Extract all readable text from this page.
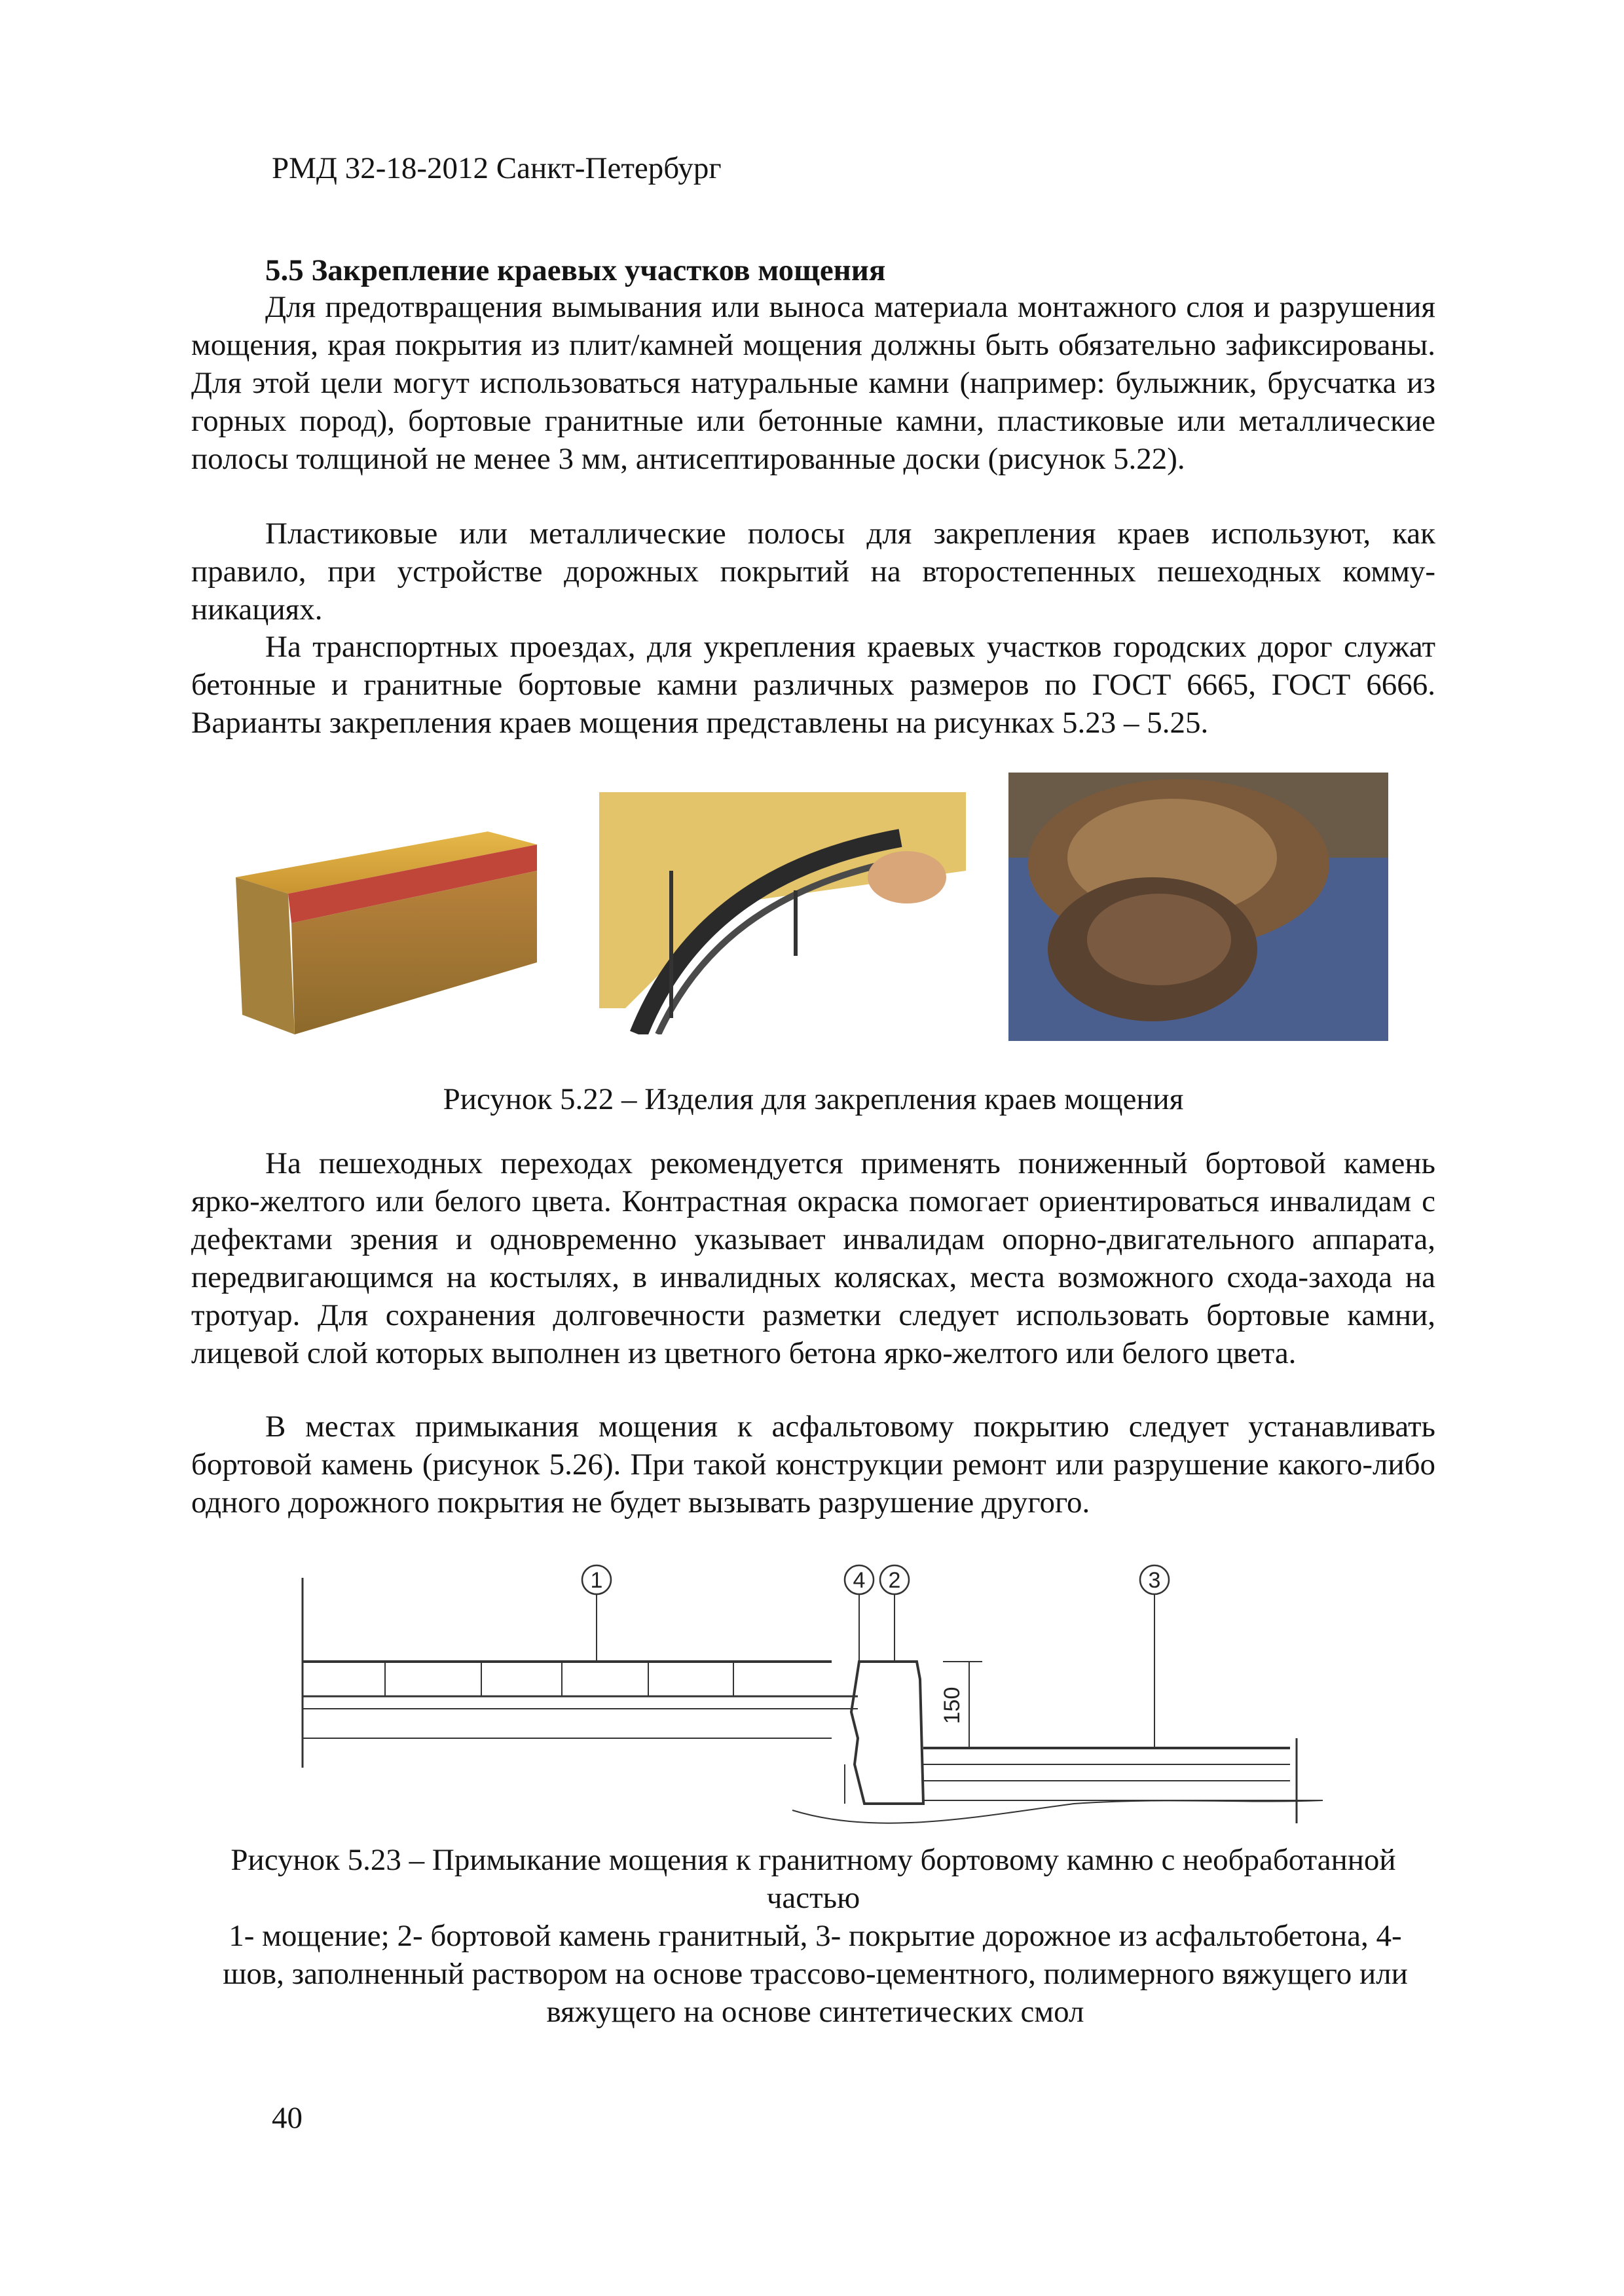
РМД 32-18-2012 Санкт-Петербург
5.5 Закрепление краевых участков мощения

Для предотвращения вымывания или выноса материала монтажного слоя и разрушения мощения, края покрытия из плит/камней мощения должны быть обязательно зафиксированы. Для этой цели могут использоваться натуральные камни (например: булыжник, брусчатка из горных пород), бортовые гранитные или бетонные камни, пластиковые или металлические полосы толщиной не менее 3 мм, антисептированные доски (рисунок 5.22).

Пластиковые или металлические полосы для закрепления краев используют, как правило, при устройстве дорожных покрытий на второстепенных пешеходных коммуникациях.

На транспортных проездах, для укрепления краевых участков городских дорог служат бетонные и гранитные бортовые камни различных размеров по ГОСТ 6665, ГОСТ 6666. Варианты закрепления краев мощения представлены на рисунках 5.23 – 5.25.

Рисунок 5.22 – Изделия для закрепления краев мощения

На пешеходных переходах рекомендуется применять пониженный бортовой камень ярко-желтого или белого цвета. Контрастная окраска помогает ориентироваться инвалидам с дефектами зрения и одновременно указывает инвалидам опорно-двигательного аппарата, передвигающимся на костылях, в инвалидных колясках, места возможного схода-захода на тротуар. Для сохранения долговечности разметки следует использовать бортовые камни, лицевой слой которых выполнен из цветного бетона ярко-желтого или белого цвета.

В местах примыкания мощения к асфальтовому покрытию следует устанавливать бортовой камень (рисунок 5.26). При такой конструкции ремонт или разрушение какого-либо одного дорожного покрытия не будет вызывать разрушение другого.

1	4 2	3
150

Рисунок 5.23 – Примыкание мощения к гранитному бортовому камню с необработанной частью

1- мощение; 2- бортовой камень гранитный, 3- покрытие дорожное из асфальтобетона, 4-шов, заполненный раствором на основе трассово-цементного, полимерного вяжущего или вяжущего на основе синтетических смол

40
